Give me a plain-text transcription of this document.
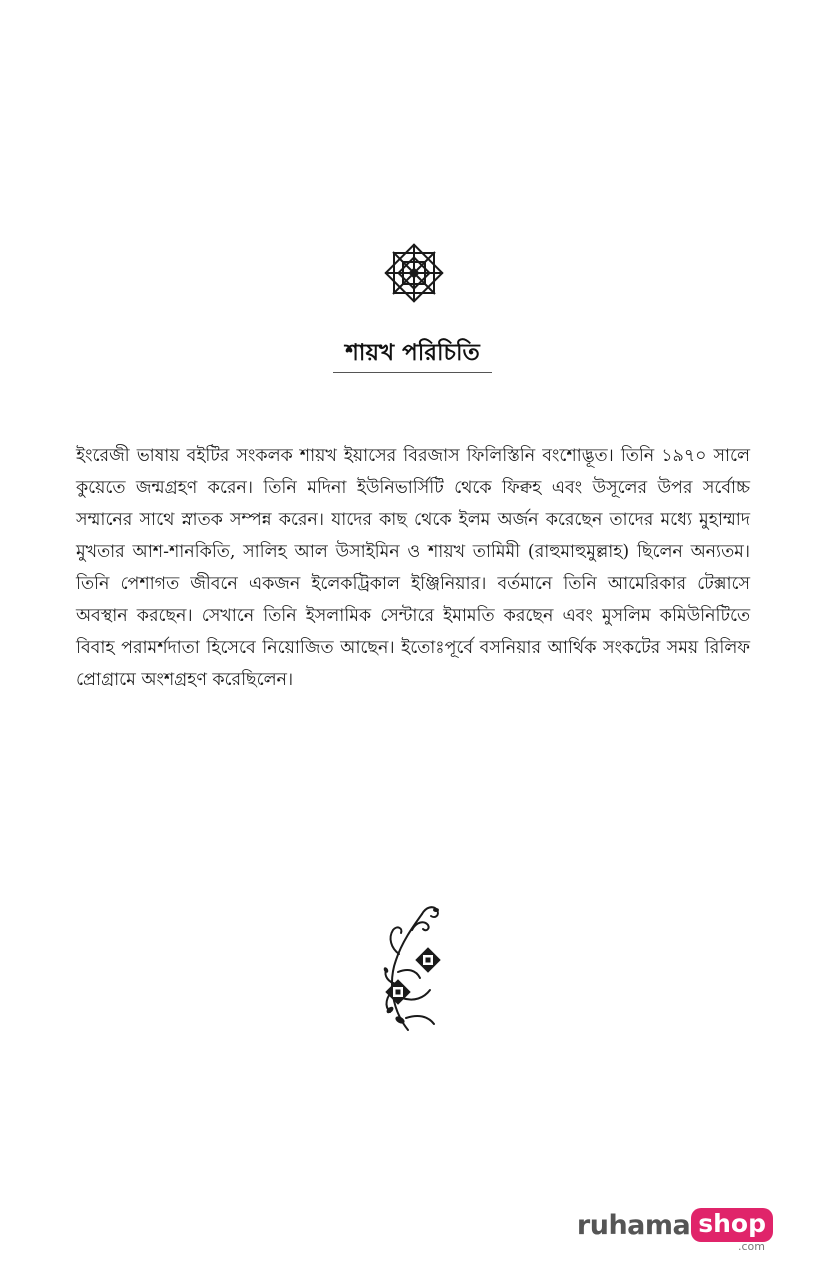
শায়খ পরিচিতি

ইংরেজী ভাষায় বইটির সংকলক শায়খ ইয়াসের বিরজাস ফিলিস্তিনি বংশোদ্ভূত। তিনি ১৯৭০ সালে কুয়েতে জন্মগ্রহণ করেন। তিনি মদিনা ইউনিভার্সিটি থেকে ফিক্বহ এবং উসূলের উপর সর্বোচ্চ সম্মানের সাথে স্নাতক সম্পন্ন করেন। যাদের কাছ থেকে ইলম অর্জন করেছেন তাদের মধ্যে মুহাম্মাদ মুখতার আশ-শানকিতি, সালিহ আল উসাইমিন ও শায়খ তামিমী (রাহুমাহুমুল্লাহ) ছিলেন অন্যতম। তিনি পেশাগত জীবনে একজন ইলেকট্রিকাল ইঞ্জিনিয়ার। বর্তমানে তিনি আমেরিকার টেক্সাসে অবস্থান করছেন। সেখানে তিনি ইসলামিক সেন্টারে ইমামতি করছেন এবং মুসলিম কমিউনিটিতে বিবাহ পরামর্শদাতা হিসেবে নিয়োজিত আছেন। ইতোঃপূর্বে বসনিয়ার আর্থিক সংকটের সময় রিলিফ প্রোগ্রামে অংশগ্রহণ করেছিলেন।

ruhama shop
.com
